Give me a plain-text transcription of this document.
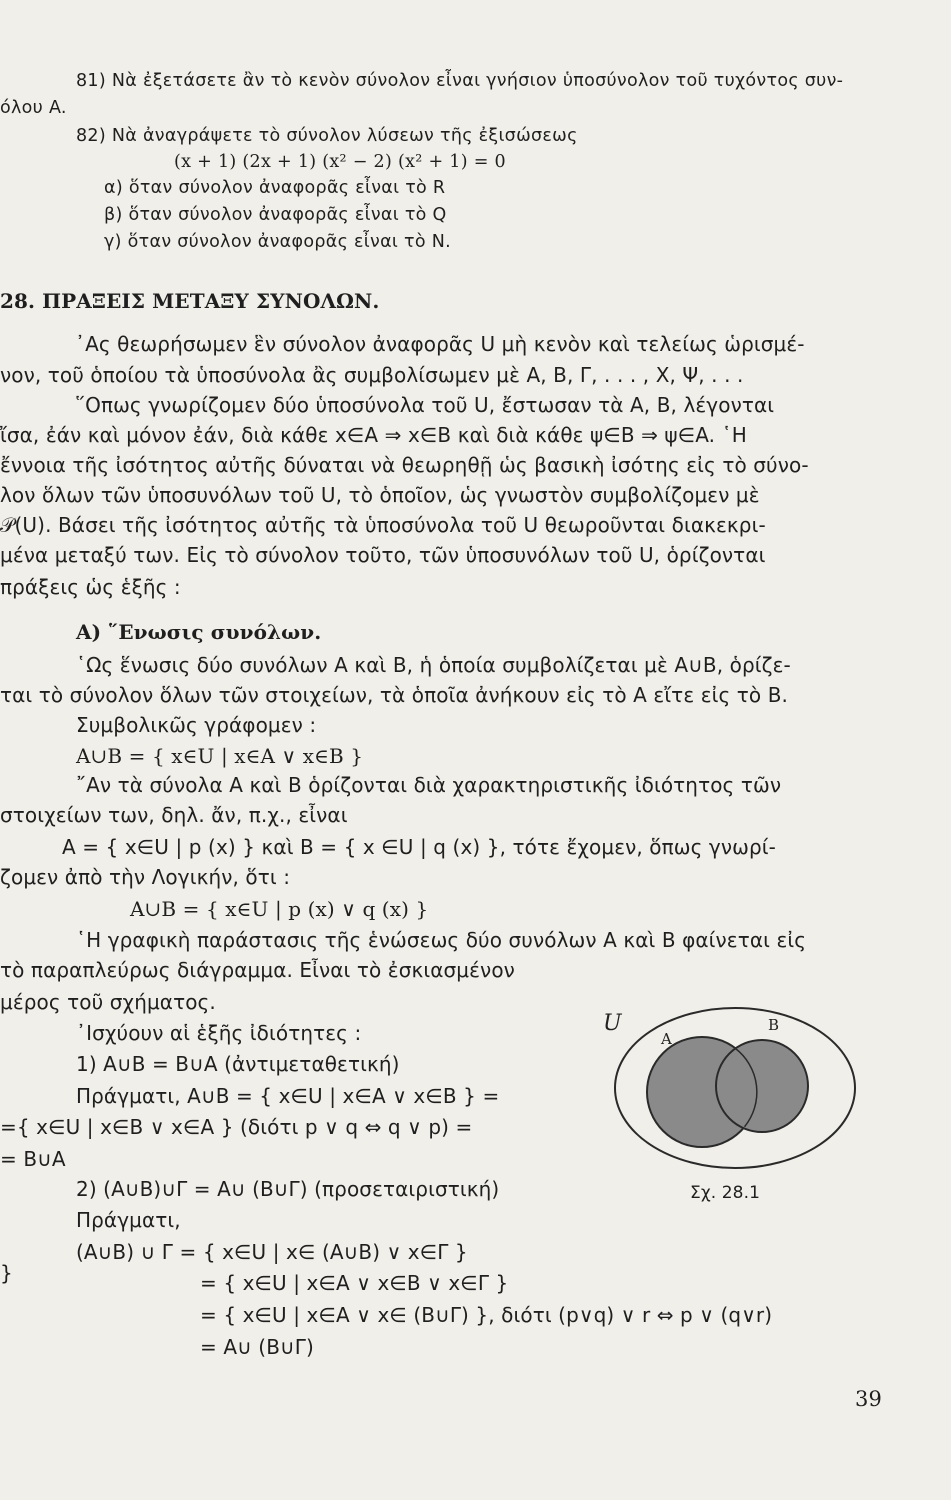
81) Νὰ ἐξετάσετε ἂν τὸ κενὸν σύνολον εἶναι γνήσιον ὑποσύνολον τοῦ τυχόντος συν-
όλου A.
82) Νὰ ἀναγράψετε τὸ σύνολον λύσεων τῆς ἐξισώσεως
(x + 1) (2x + 1) (x² − 2) (x² + 1) = 0
α) ὅταν σύνολον ἀναφορᾶς εἶναι τὸ R
β) ὅταν σύνολον ἀναφορᾶς εἶναι τὸ Q
γ) ὅταν σύνολον ἀναφορᾶς εἶναι τὸ N.
28. ΠΡΑΞΕΙΣ ΜΕΤΑΞΥ ΣΥΝΟΛΩΝ.
᾿Ας θεωρήσωμεν ἓν σύνολον ἀναφορᾶς U μὴ κενὸν καὶ τελείως ὡρισμέ-
νον, τοῦ ὁποίου τὰ ὑποσύνολα ἂς συμβολίσωμεν μὲ A, B, Γ, . . . , X, Ψ, . . .
῞Οπως γνωρίζομεν δύο ὑποσύνολα τοῦ U, ἔστωσαν τὰ A, B, λέγονται
ἴσα, ἐάν καὶ μόνον ἐάν, διὰ κάθε x∈A ⇒ x∈B καὶ διὰ κάθε ψ∈B ⇒ ψ∈A. ῾Η
ἔννοια τῆς ἰσότητος αὐτῆς δύναται νὰ θεωρηθῇ ὡς βασικὴ ἰσότης εἰς τὸ σύνο-
λον ὅλων τῶν ὑποσυνόλων τοῦ U, τὸ ὁποῖον, ὡς γνωστὸν συμβολίζομεν μὲ
𝒫(U). Βάσει τῆς ἰσότητος αὐτῆς τὰ ὑποσύνολα τοῦ U θεωροῦνται διακεκρι-
μένα μεταξύ των. Εἰς τὸ σύνολον τοῦτο, τῶν ὑποσυνόλων τοῦ U, ὁρίζονται
πράξεις ὡς ἑξῆς :
Α) ῞Ενωσις συνόλων.
῾Ως ἕνωσις δύο συνόλων A καὶ B, ἡ ὁποία συμβολίζεται μὲ A∪B, ὁρίζε-
ται τὸ σύνολον ὅλων τῶν στοιχείων, τὰ ὁποῖα ἀνήκουν εἰς τὸ A εἴτε εἰς τὸ B.
Συμβολικῶς γράφομεν :
A∪B = { x∈U | x∈A ∨ x∈B }
῎Αν τὰ σύνολα A καὶ B ὁρίζονται διὰ χαρακτηριστικῆς ἰδιότητος τῶν
στοιχείων των, δηλ. ἄν, π.χ., εἶναι
A = { x∈U | p (x) } καὶ B = { x ∈U | q (x) }, τότε ἔχομεν, ὅπως γνωρί-
ζομεν ἀπὸ τὴν Λογικήν, ὅτι :
A∪B = { x∈U | p (x) ∨ q (x) }
῾Η γραφικὴ παράστασις τῆς ἑνώσεως δύο συνόλων A καὶ B φαίνεται εἰς
τὸ παραπλεύρως διάγραμμα. Εἶναι τὸ ἐσκιασμένον
μέρος τοῦ σχήματος.
᾿Ισχύουν αἱ ἑξῆς ἰδιότητες :
1) A∪B = B∪A (ἀντιμεταθετική)
Πράγματι, A∪B = { x∈U | x∈A ∨ x∈B } =
={ x∈U | x∈B ∨ x∈A } (διότι p ∨ q ⇔ q ∨ p) =
= B∪A
2) (A∪B)∪Γ = A∪ (B∪Γ) (προσεταιριστική)
Πράγματι,
(A∪B) ∪ Γ = { x∈U | x∈ (A∪B) ∨ x∈Γ }
= { x∈U | x∈A ∨ x∈B ∨ x∈Γ }
= { x∈U | x∈A ∨ x∈ (B∪Γ) }, διότι (p∨q) ∨ r ⇔ p ∨ (q∨r)
= A∪ (B∪Γ)
U
A
B
Σχ. 28.1
}
39
